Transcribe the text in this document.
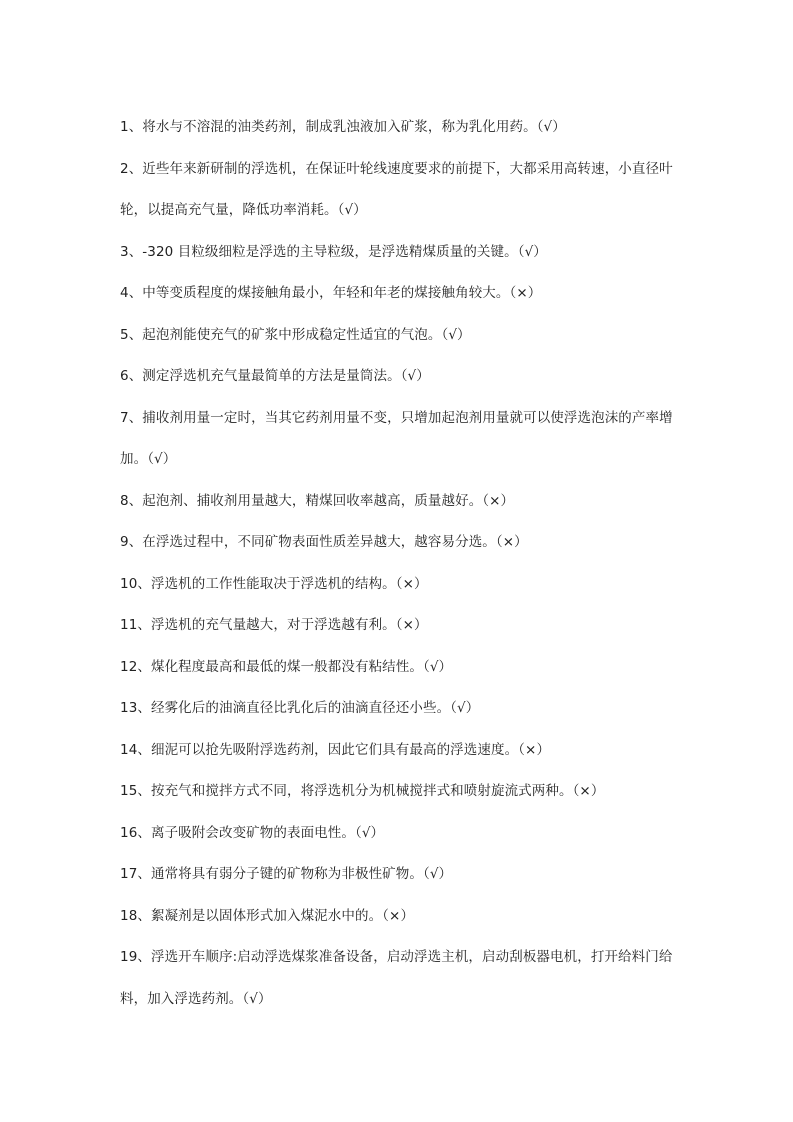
1、将水与不溶混的油类药剂，制成乳浊液加入矿浆，称为乳化用药。（√）

2、近些年来新研制的浮选机，在保证叶轮线速度要求的前提下，大都采用高转速，小直径叶轮，以提高充气量，降低功率消耗。（√）

3、-320 目粒级细粒是浮选的主导粒级，是浮选精煤质量的关键。（√）

4、中等变质程度的煤接触角最小，年轻和年老的煤接触角较大。（×）

5、起泡剂能使充气的矿浆中形成稳定性适宜的气泡。（√）

6、测定浮选机充气量最简单的方法是量筒法。（√）

7、捕收剂用量一定时，当其它药剂用量不变，只增加起泡剂用量就可以使浮选泡沫的产率增加。（√）

8、起泡剂、捕收剂用量越大，精煤回收率越高，质量越好。（×）

9、在浮选过程中，不同矿物表面性质差异越大，越容易分选。（×）

10、浮选机的工作性能取决于浮选机的结构。（×）

11、浮选机的充气量越大，对于浮选越有利。（×）

12、煤化程度最高和最低的煤一般都没有粘结性。（√）

13、经雾化后的油滴直径比乳化后的油滴直径还小些。（√）

14、细泥可以抢先吸附浮选药剂，因此它们具有最高的浮选速度。（×）

15、按充气和搅拌方式不同，将浮选机分为机械搅拌式和喷射旋流式两种。（×）

16、离子吸附会改变矿物的表面电性。（√）

17、通常将具有弱分子键的矿物称为非极性矿物。（√）

18、絮凝剂是以固体形式加入煤泥水中的。（×）

19、浮选开车顺序:启动浮选煤浆准备设备，启动浮选主机，启动刮板器电机，打开给料门给料，加入浮选药剂。（√）
